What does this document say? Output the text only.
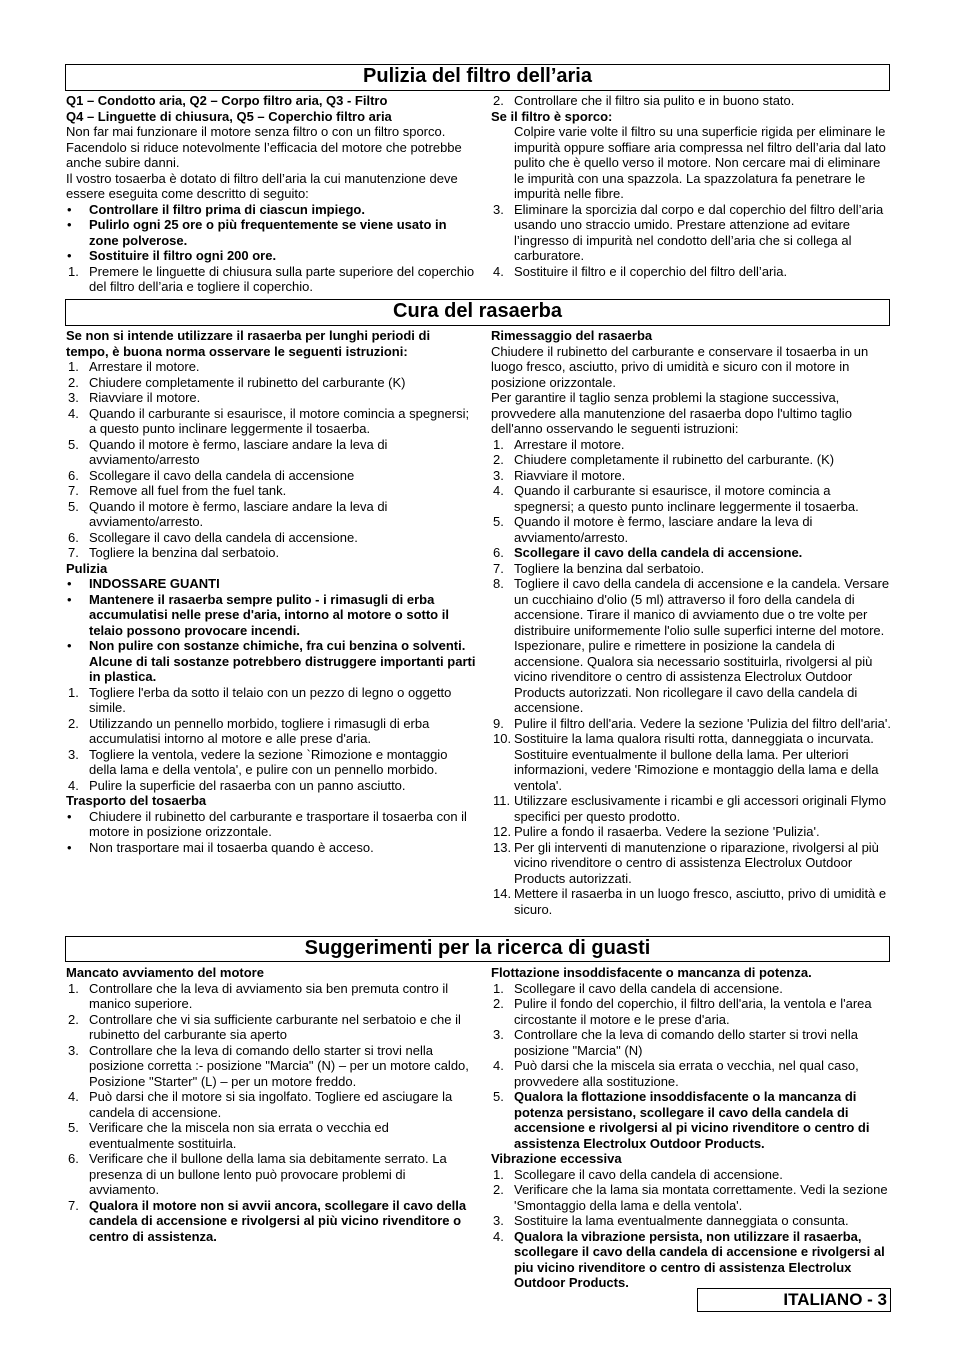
Pulizia del filtro dell’aria

Q1 – Condotto aria, Q2 – Corpo filtro aria, Q3 - Filtro

Q4 – Linguette di chiusura, Q5 – Coperchio filtro aria

Non far mai funzionare il motore senza filtro o con un filtro sporco. Facendolo si riduce notevolmente l’efficacia del motore che potrebbe anche subire danni.

Il vostro tosaerba è dotato di filtro dell’aria la cui manutenzione deve essere eseguita come descritto di seguito:

• Controllare il filtro prima di ciascun impiego.
• Pulirlo ogni 25 ore o più frequentemente se viene usato in zone polverose.
• Sostituire il filtro ogni 200 ore.
1. Premere le linguette di chiusura sulla parte superiore del coperchio del filtro dell’aria e togliere il coperchio.
2. Controllare che il filtro sia pulito e in buono stato.

Se il filtro è sporco:

Colpire varie volte il filtro su una superficie rigida per eliminare le impurità oppure soffiare aria compressa nel filtro dell’aria dal lato pulito che è quello verso il motore. Non cercare mai di eliminare le impurità con una spazzola. La spazzolatura fa penetrare le impurità nelle fibre.
3. Eliminare la sporcizia dal corpo e dal coperchio del filtro dell’aria usando uno straccio umido. Prestare attenzione ad evitare l’ingresso di impurità nel condotto dell’aria che si collega al carburatore.
4. Sostituire il filtro e il coperchio del filtro dell’aria.
Cura del rasaerba

Se non si intende utilizzare il rasaerba per lunghi periodi di tempo, è buona norma osservare le seguenti istruzioni:

1. Arrestare il motore.
2. Chiudere completamente il rubinetto del carburante (K)
3. Riavviare il motore.
4. Quando il carburante si esaurisce, il motore comincia a spegnersi; a questo punto inclinare leggermente il tosaerba.
5. Quando il motore è fermo, lasciare andare la leva di avviamento/arresto
6. Scollegare il cavo della candela di accensione
7. Remove all fuel from the fuel tank.
5. Quando il motore è fermo, lasciare andare la leva di avviamento/arresto.
6. Scollegare il cavo della candela di accensione.
7. Togliere la benzina dal serbatoio.

Pulizia

• INDOSSARE GUANTI
• Mantenere il rasaerba sempre pulito - i rimasugli di erba accumulatisi nelle prese d'aria, intorno al motore o sotto il telaio possono provocare incendi.
• Non pulire con sostanze chimiche, fra cui benzina o solventi. Alcune di tali sostanze potrebbero distruggere importanti parti in plastica.
1. Togliere l'erba da sotto il telaio con un pezzo di legno o oggetto simile.
2. Utilizzando un pennello morbido, togliere i rimasugli di erba accumulatisi intorno al motore e alle prese d'aria.
3. Togliere la ventola, vedere la sezione `Rimozione e montaggio della lama e della ventola', e pulire con un pennello morbido.
4. Pulire la superficie del rasaerba con un panno asciutto.

Trasporto del tosaerba

• Chiudere il rubinetto del carburante e trasportare il tosaerba con il motore in posizione orizzontale.
• Non trasportare mai il tosaerba quando è acceso.

Rimessaggio del rasaerba

Chiudere il rubinetto del carburante e conservare il tosaerba in un luogo fresco, asciutto, privo di umidità e sicuro con il motore in posizione orizzontale.

Per garantire il taglio senza problemi la stagione successiva, provvedere alla manutenzione del rasaerba dopo l'ultimo taglio dell'anno osservando le seguenti istruzioni:

1. Arrestare il motore.
2. Chiudere completamente il rubinetto del carburante. (K)
3. Riavviare il motore.
4. Quando il carburante si esaurisce, il motore comincia a spegnersi; a questo punto inclinare leggermente il tosaerba.
5. Quando il motore è fermo, lasciare andare la leva di avviamento/arresto.
6. Scollegare il cavo della candela di accensione.
7. Togliere la benzina dal serbatoio.
8. Togliere il cavo della candela di accensione e la candela. Versare un cucchiaino d'olio (5 ml) attraverso il foro della candela di accensione. Tirare il manico di avviamento due o tre volte per distribuire uniformemente l'olio sulle superfici interne del motore. Ispezionare, pulire e rimettere in posizione la candela di accensione. Qualora sia necessario sostituirla, rivolgersi al più vicino rivenditore o centro di assistenza Electrolux Outdoor Products autorizzati. Non ricollegare il cavo della candela di accensione.
9. Pulire il filtro dell'aria. Vedere la sezione 'Pulizia del filtro dell'aria'.
10. Sostituire la lama qualora risulti rotta, danneggiata o incurvata. Sostituire eventualmente il bullone della lama. Per ulteriori informazioni, vedere 'Rimozione e montaggio della lama e della ventola'.
11. Utilizzare esclusivamente i ricambi e gli accessori originali Flymo specifici per questo prodotto.
12. Pulire a fondo il rasaerba. Vedere la sezione 'Pulizia'.
13. Per gli interventi di manutenzione o riparazione, rivolgersi al più vicino rivenditore o centro di assistenza Electrolux Outdoor Products autorizzati.
14. Mettere il rasaerba in un luogo fresco, asciutto, privo di umidità e sicuro.
Suggerimenti per la ricerca di guasti

Mancato avviamento del motore

1. Controllare che la leva di avviamento sia ben premuta contro il manico superiore.
2. Controllare che vi sia sufficiente carburante nel serbatoio e che il rubinetto del carburante sia aperto
3. Controllare che la leva di comando dello starter si trovi nella posizione corretta :- posizione "Marcia" (N) – per un motore caldo, Posizione "Starter" (L) – per un motore freddo.
4. Può darsi che il motore si sia ingolfato. Togliere ed asciugare la candela di accensione.
5. Verificare che la miscela non sia errata o vecchia ed eventualmente sostituirla.
6. Verificare che il bullone della lama sia debitamente serrato. La presenza di un bullone lento può provocare problemi di avviamento.
7. Qualora il motore non si avvii ancora, scollegare il cavo della candela di accensione e rivolgersi al più vicino rivenditore o centro di assistenza.

Flottazione insoddisfacente o mancanza di potenza.

1. Scollegare il cavo della candela di accensione.
2. Pulire il fondo del coperchio, il filtro dell'aria, la ventola e l'area circostante il motore e le prese d'aria.
3. Controllare che la leva di comando dello starter si trovi nella posizione "Marcia" (N)
4. Può darsi che la miscela sia errata o vecchia, nel qual caso, provvedere alla sostituzione.
5. Qualora la flottazione insoddisfacente o la mancanza di potenza persistano, scollegare il cavo della candela di accensione e rivolgersi al pi vicino rivenditore o centro di assistenza Electrolux Outdoor Products.

Vibrazione eccessiva

1. Scollegare il cavo della candela di accensione.
2. Verificare che la lama sia montata correttamente. Vedi la sezione 'Smontaggio della lama e della ventola'.
3. Sostituire la lama eventualmente danneggiata o consunta.
4. Qualora la vibrazione persista, non utilizzare il rasaerba, scollegare il cavo della candela di accensione e rivolgersi al piu vicino rivenditore o centro di assistenza Electrolux Outdoor Products.
ITALIANO - 3
